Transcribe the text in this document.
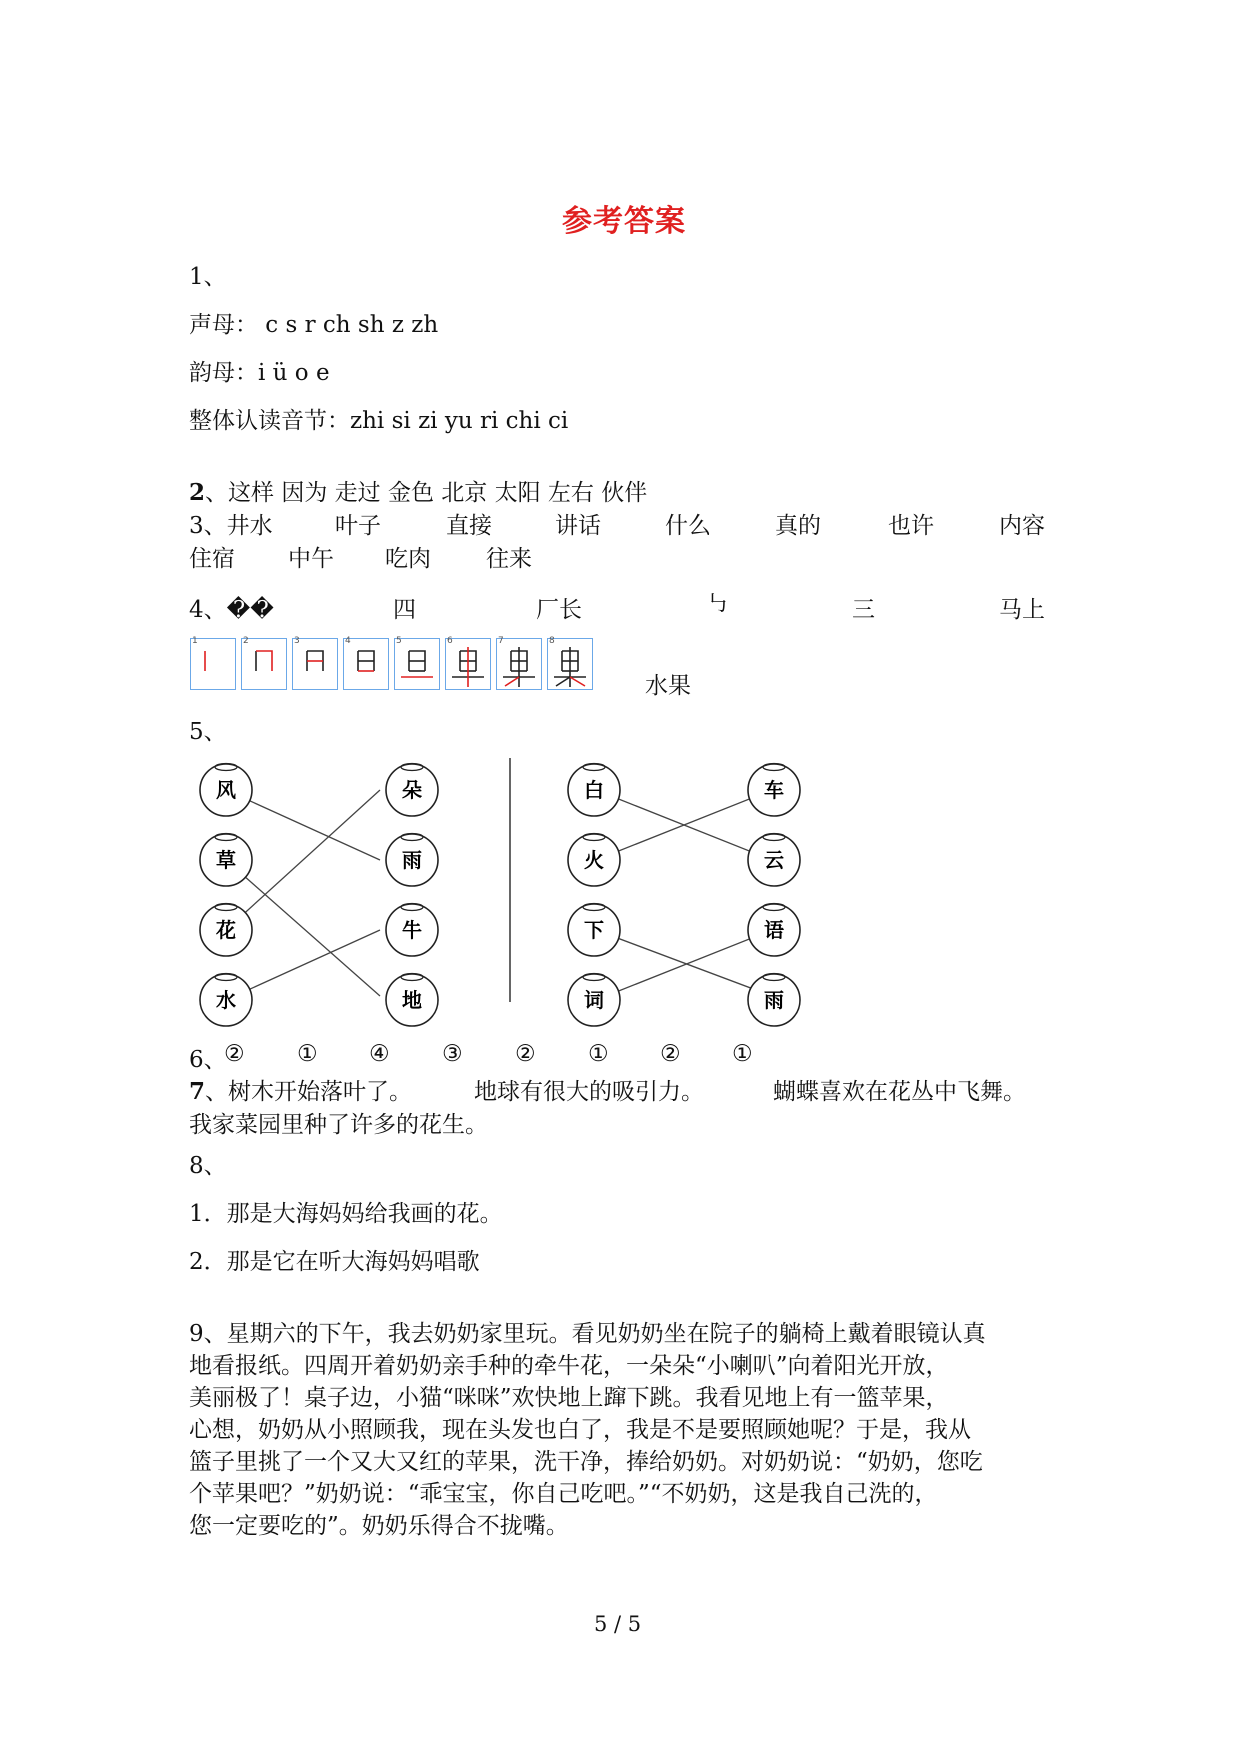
参考答案
1、
声母： c s r ch sh z zh
韵母：i ü o e
整体认读音节：zhi si zi yu ri chi ci
2、这样 因为 走过 金色 北京 太阳 左右 伙伴
3、井水	叶子	直接	讲话	什么	真的	也许	内容
住宿 中午 吃肉 往来
4、��	四	厂长	㇉	三	马上
1	2	3	4	5	6	7	8
水果
5、
风
草
花
水
朵
雨
牛
地
白
火
下
词
车
云
语
雨
6、
② ① ④ ③ ② ① ② ①
7、树木开始落叶了。	地球有很大的吸引力。	蝴蝶喜欢在花丛中飞舞。
我家菜园里种了许多的花生。
8、
1．那是大海妈妈给我画的花。
2．那是它在听大海妈妈唱歌
9、星期六的下午，我去奶奶家里玩。看见奶奶坐在院子的躺椅上戴着眼镜认真
地看报纸。四周开着奶奶亲手种的牵牛花，一朵朵“小喇叭”向着阳光开放，
美丽极了！桌子边，小猫“咪咪”欢快地上蹿下跳。我看见地上有一篮苹果，
心想，奶奶从小照顾我，现在头发也白了，我是不是要照顾她呢？于是，我从
篮子里挑了一个又大又红的苹果，洗干净，捧给奶奶。对奶奶说：“奶奶，您吃
个苹果吧？”奶奶说：“乖宝宝，你自己吃吧。”“不奶奶，这是我自己洗的，
您一定要吃的”。奶奶乐得合不拢嘴。
5 / 5
